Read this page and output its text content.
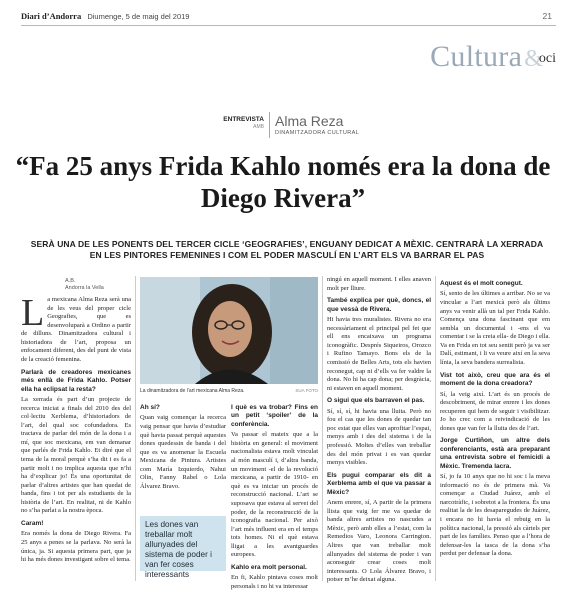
Diari d’Andorra Diumenge, 5 de maig del 2019	21
Cultura&oci
ENTREVISTA
AMB Alma Reza
DINAMITZADORA CULTURAL
“Fa 25 anys Frida Kahlo només era la dona de Diego Rivera”
SERÀ UNA DE LES PONENTS DEL TERCER CICLE ‘GEOGRAFIES’, ENGUANY DEDICAT A MÈXIC. CENTRARÀ LA XERRADA EN LES PINTORES FEMENINES I COM EL PODER MASCULÍ EN L’ART ELS VA BARRAR EL PAS
A.B.
Andorra la Vella

La mexicana Alma Reza serà una de les veus del proper cicle Geografies, que es desenvoluparà a Ordino a partir de dilluns. Dinamitzadora cultural i historiadora de l’art, proposa un enfocament diferent, des del punt de vista de la creació femenina.

Parlarà de creadores mexicanes més enllà de Frida Kahlo. Potser ella ha eclipsat la resta?

La xerrada és part d’un projecte de recerca iniciat a finals del 2010 des del col·lectiu Xerblema, d’historiadors de l’art, del qual soc cofundadora. Es tractava de parlar del món de la dona i a mí, que soc mexicana, em van demanar que parlés de Frida Kahlo. Et diré que el tema de la moral perquè s’ha dit i es fa a partir molt i no implica aquesta que n’hi ha d’explicar jo! És una oportunitat de parlar d’altres artistes que han quedat de banda, fins i tot per als estudiants de la història de l’art. En realitat, ni de Kahlo no s’ha parlat a la nostra època.

Caram!

Era només la dona de Diego Rivera. Fa 25 anys a penes se la parlava. No serà la única, ja. Si aquesta primera part, que ja hi ha més dones investigant sobre el tema.

La dinamitzadora de l’art mexicana Alma Reza.	SUA FOTO
Ah sí?

Quan vaig començar la recerca vaig pensar que havia d’estudiar què havia passat perquè aquestes dones quedessin de banda i del que es va anomenar la Escuela Mexicana de Pintura. Artistes com María Izquierdo, Nahui Olin, Fanny Rabel o Lola Álvarez Bravo.

Les dones van treballar molt allunyades del sistema de poder i van fer coses interessants
I què es va trobar? Fins en un petit ‘spoiler’ de la conferència.

Va passar el mateix que a la història en general: el moviment nacionalista estava molt vinculat al món masculí i, d’altra banda, un moviment -el de la revolució mexicana, a partir de 1910- en què es va iniciar un procés de reconstrucció nacional. L’art se suposava que estava al servei del poder, de la reconstrucció de la iconografia nacional. Per això l’art més influent era en el temps tots homes. Ni el què estava lligat a les avantguardes europees.

Kahlo era molt personal.

En fi, Kahlo pintava coses molt personals i no hi va interessar

ningú en aquell moment. I elles anaven molt per lliure.

També explica per què, doncs, el que vessà de Rivera.

Hi havia tres muralistes. Rivera no era necessàriament el principal pel fet que ell ens encaixava un programa iconogràfic. Després Siqueiros, Orozco i Rufino Tamayo. Bons els de la comissió de Belles Arts, tots els havien reconegut, cap ni d’ells va fer valdre la dona. No hi ha cap dona; per desgràcia, ni estaven en aquell moment.

O sigui que els barraven el pas.

Sí, sí, sí, hi havia una lluita. Però no fou el cas que les dones de quedar tan poc estat que elles van aprofitar l’espai, menys amb i des del sistema i de la professió. Moltes d’elles van treballar des del món privat i es van quedar menys visibles.

Els pugui comparar els dit a Xerblema amb el que va passar a Mèxic?

Anem enrere, sí, A partir de la primera llista que vaig fer me va quedar de banda altres artistes no nascudes a Mèxic, però amb elles a l’estat, com la Remedios Varo, Leonora Carrington. Altres que van treballar molt allunyades del sistema de poder i van aconseguir crear coses molt interessants. O Lola Álvarez Bravo, i potser m’he deixat alguna.

Aquest és el molt conegut.

Sí, sento de les últimes a arribar. No se va vincular a l’art mexicà però als últims anys va venir allà un tal per Frida Kahlo. Comença una dona fascinant que em sembla un documental i -ens el va comentar i se la creia ella- de Diego i ella. Va en Frida en tot seu sentit però ja va ser Dalí, estimant, i li va veure així en la seva línia, la seva bandera surrealista.

Vist tot això, creu que ara és el moment de la dona creadora?

Sí, la veig així. L’art és un procés de descobriment, de mirar enrere i les dones recuperen qui hem de seguir i visibilitzar. Jo ho crec com a reivindicació de les dones que van fer la lluita des de l’art.

Jorge Curtiñon, un altre dels conferenciants, està ara preparant una entrevista sobre el femicidi a Mèxic. Tremenda lacra.

Sí, jo fa 10 anys que no hi soc i la meva informació no és de primera mà. Va començar a Ciudad Juárez, amb el narcotràfic, i sobretot a la frontera. És una realitat la de les desaparegudes de Juárez, i encara no hi havia el rebuig en la política nacional, la pressió als càrtels per part de les famílies. Penso que a l’hora de defensar-les la tasca de la dona s’ha perdut per defensar la dona.
